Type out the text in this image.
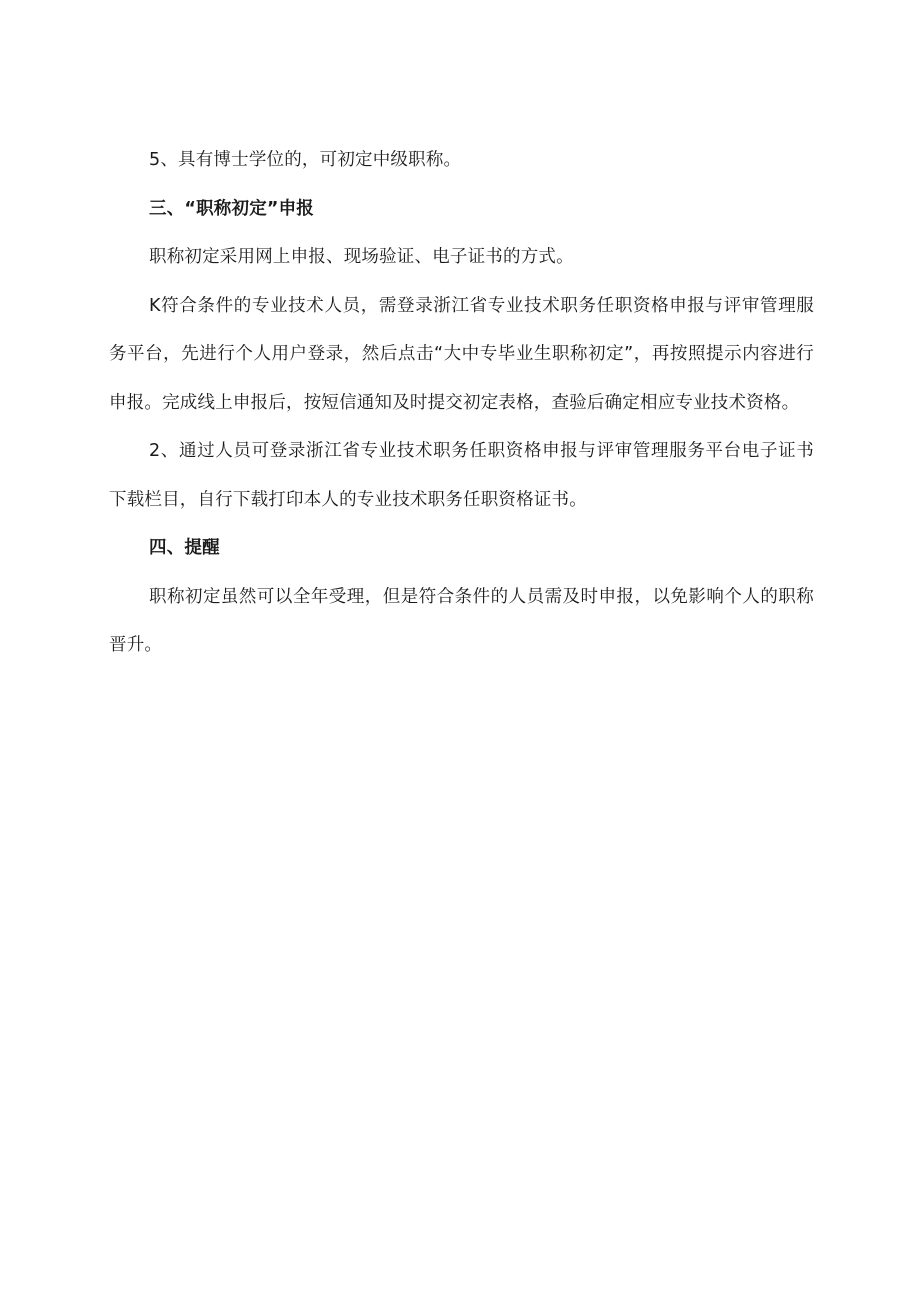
5、具有博士学位的，可初定中级职称。

三、“职称初定”申报

职称初定采用网上申报、现场验证、电子证书的方式。

K符合条件的专业技术人员，需登录浙江省专业技术职务任职资格申报与评审管理服务平台，先进行个人用户登录，然后点击“大中专毕业生职称初定”，再按照提示内容进行申报。完成线上申报后，按短信通知及时提交初定表格，查验后确定相应专业技术资格。

2、通过人员可登录浙江省专业技术职务任职资格申报与评审管理服务平台电子证书下载栏目，自行下载打印本人的专业技术职务任职资格证书。

四、提醒

职称初定虽然可以全年受理，但是符合条件的人员需及时申报，以免影响个人的职称晋升。
